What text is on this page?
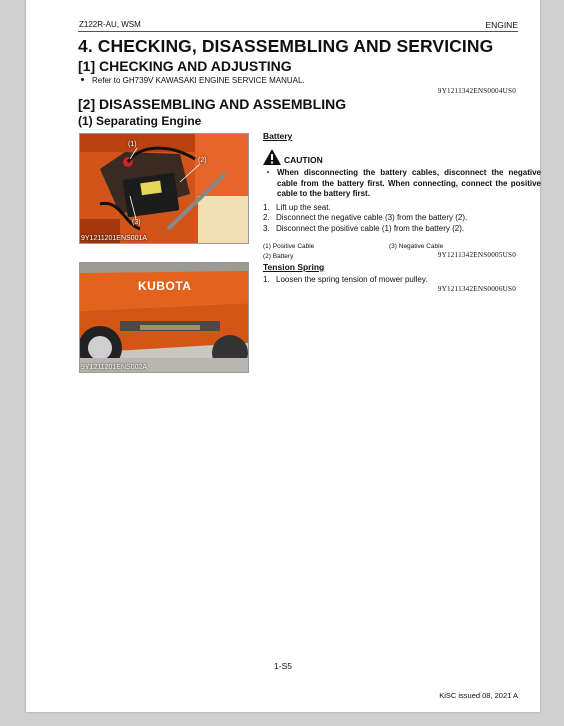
Z122R-AU, WSM	ENGINE
4. CHECKING, DISASSEMBLING AND SERVICING
[1] CHECKING AND ADJUSTING
Refer to GH739V KAWASAKI ENGINE SERVICE MANUAL.
9Y1211342ENS0004US0
[2] DISASSEMBLING AND ASSEMBLING
(1) Separating Engine
(1)
(2)
(3)
9Y1211201ENS001A
Battery
CAUTION
• When disconnecting the battery cables, disconnect the negative cable from the battery first. When connecting, connect the positive cable to the battery first.
1. Lift up the seat.
2. Disconnect the negative cable (3) from the battery (2).
3. Disconnect the positive cable (1) from the battery (2).
(1) Positive Cable	(3) Negative Cable
(2) Battery	9Y1211342ENS0005US0
KUBOTA
9Y1211201ENS002A
Tension Spring
1. Loosen the spring tension of mower pulley.
9Y1211342ENS0006US0
1-S5
KiSC issued 08, 2021 A
